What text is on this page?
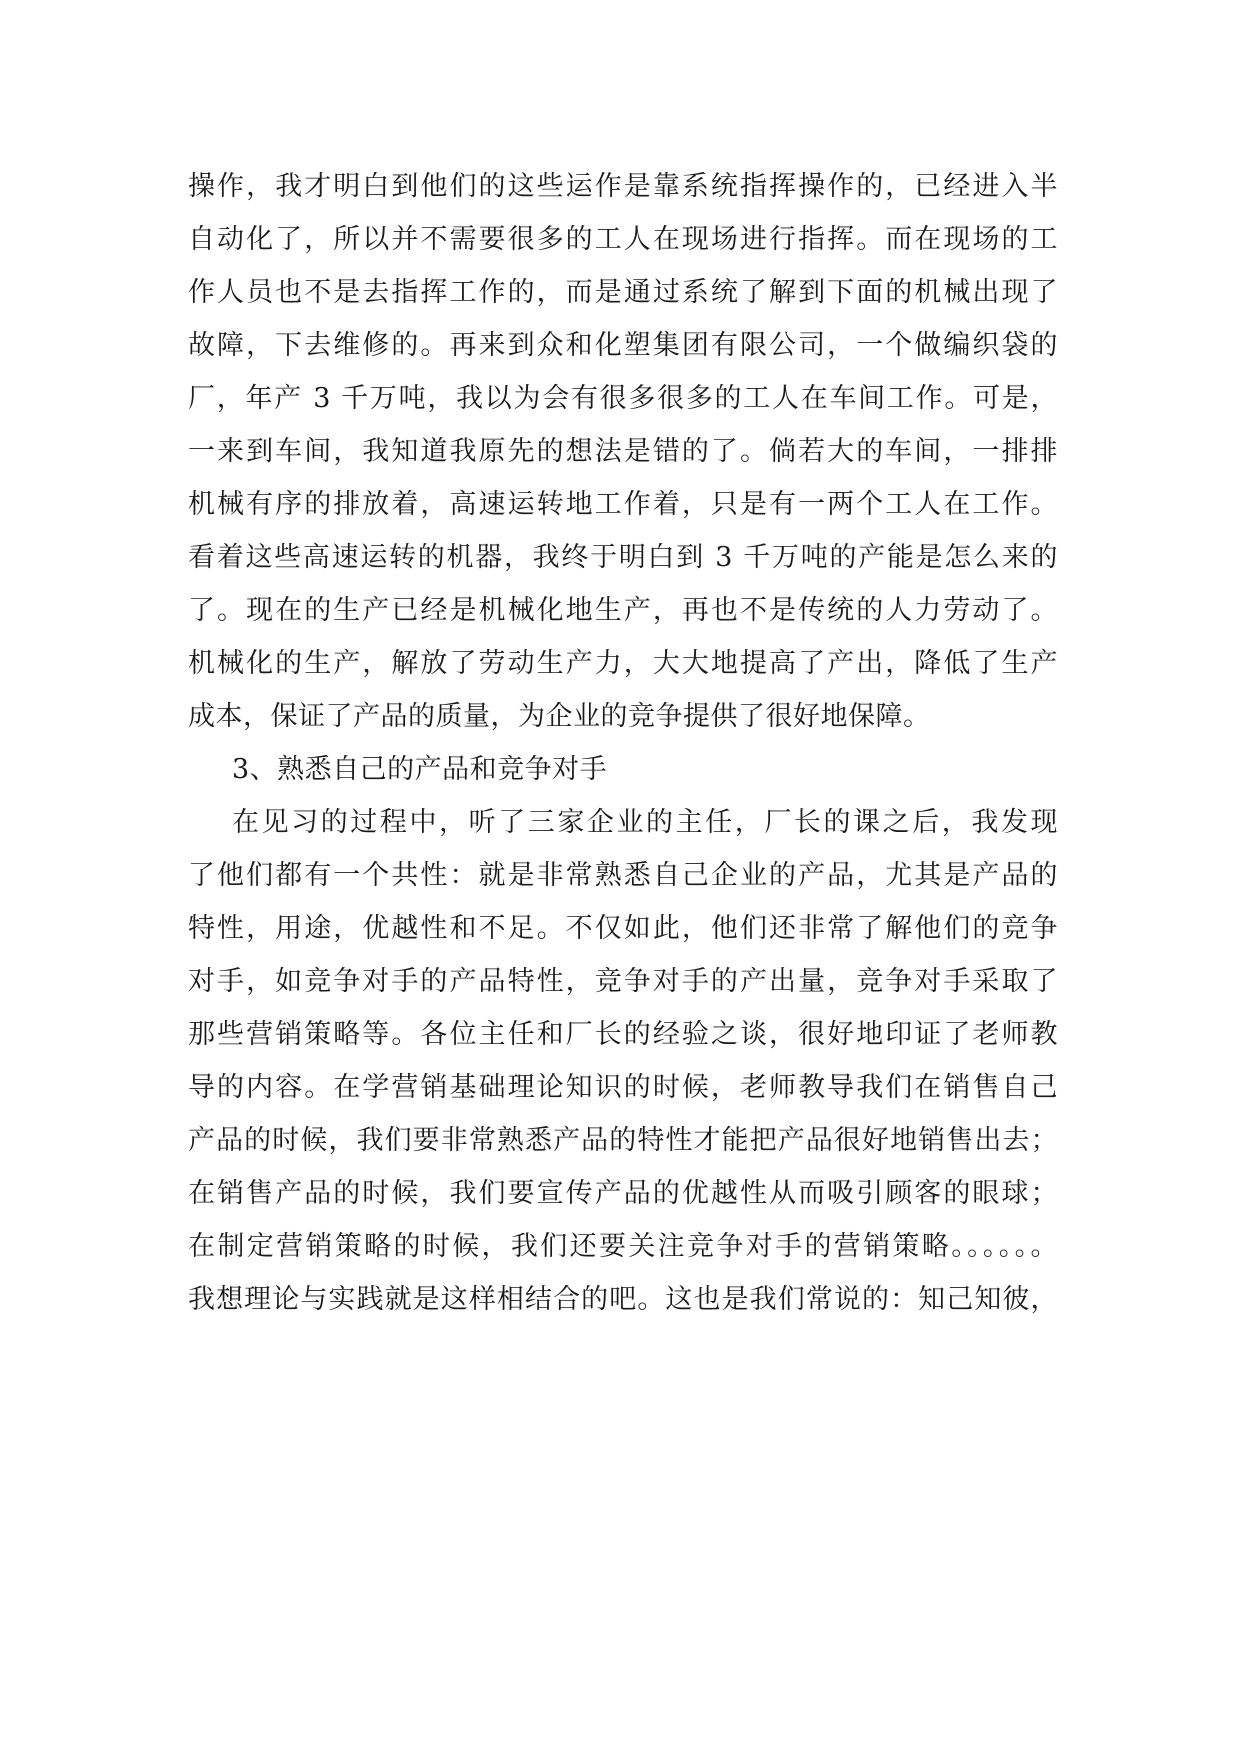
操作，我才明白到他们的这些运作是靠系统指挥操作的，已经进入半
自动化了，所以并不需要很多的工人在现场进行指挥。而在现场的工
作人员也不是去指挥工作的，而是通过系统了解到下面的机械出现了
故障，下去维修的。再来到众和化塑集团有限公司，一个做编织袋的
厂，年产 3 千万吨，我以为会有很多很多的工人在车间工作。可是，
一来到车间，我知道我原先的想法是错的了。倘若大的车间，一排排
机械有序的排放着，高速运转地工作着，只是有一两个工人在工作。
看着这些高速运转的机器，我终于明白到 3 千万吨的产能是怎么来的
了。现在的生产已经是机械化地生产，再也不是传统的人力劳动了。
机械化的生产，解放了劳动生产力，大大地提高了产出，降低了生产
成本，保证了产品的质量，为企业的竞争提供了很好地保障。
3、熟悉自己的产品和竞争对手
在见习的过程中，听了三家企业的主任，厂长的课之后，我发现
了他们都有一个共性：就是非常熟悉自己企业的产品，尤其是产品的
特性，用途，优越性和不足。不仅如此，他们还非常了解他们的竞争
对手，如竞争对手的产品特性，竞争对手的产出量，竞争对手采取了
那些营销策略等。各位主任和厂长的经验之谈，很好地印证了老师教
导的内容。在学营销基础理论知识的时候，老师教导我们在销售自己
产品的时候，我们要非常熟悉产品的特性才能把产品很好地销售出去；
在销售产品的时候，我们要宣传产品的优越性从而吸引顾客的眼球；
在制定营销策略的时候，我们还要关注竞争对手的营销策略。。。。。。
我想理论与实践就是这样相结合的吧。这也是我们常说的：知己知彼，
